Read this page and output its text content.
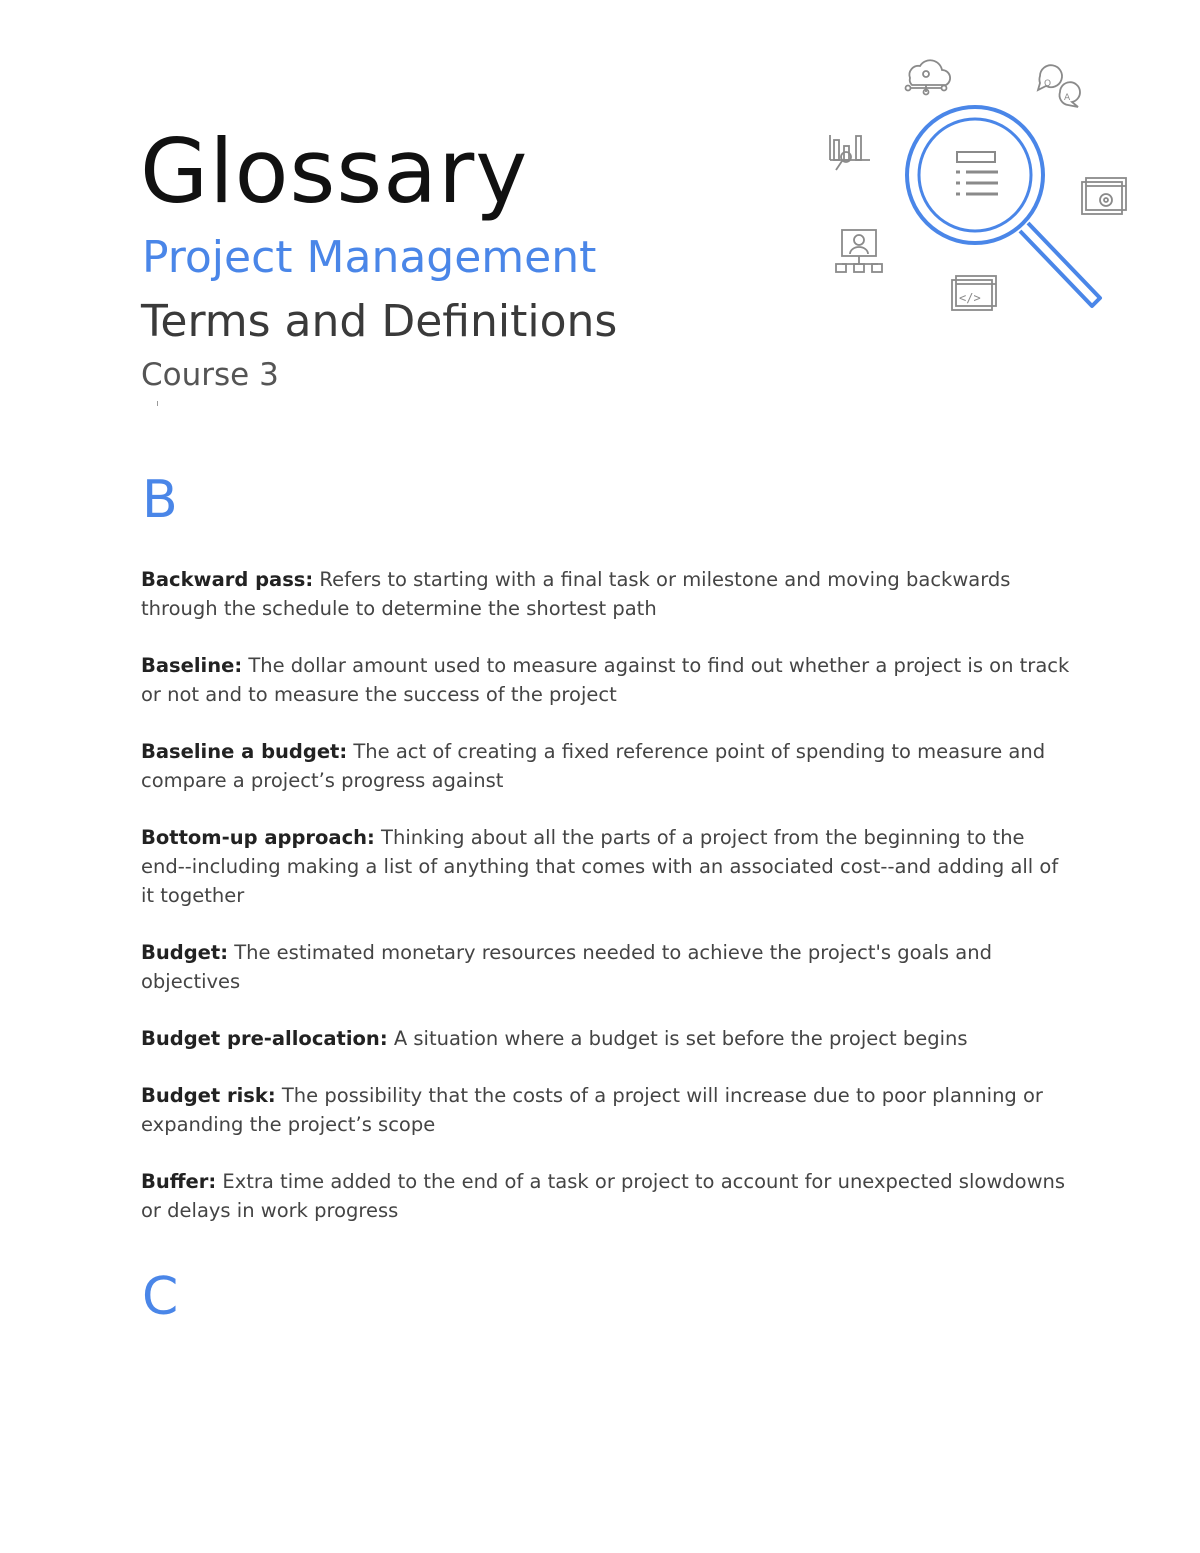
Glossary
Project Management
Terms and Definitions
Course 3
Q
A
</>
B
Backward pass: Refers to starting with a final task or milestone and moving backwards through the schedule to determine the shortest path
Baseline: The dollar amount used to measure against to find out whether a project is on track or not and to measure the success of the project
Baseline a budget: The act of creating a fixed reference point of spending to measure and compare a project’s progress against
Bottom-up approach: Thinking about all the parts of a project from the beginning to the end--including making a list of anything that comes with an associated cost--and adding all of it together
Budget: The estimated monetary resources needed to achieve the project's goals and objectives
Budget pre-allocation: A situation where a budget is set before the project begins
Budget risk: The possibility that the costs of a project will increase due to poor planning or expanding the project’s scope
Buffer: Extra time added to the end of a task or project to account for unexpected slowdowns or delays in work progress
C
